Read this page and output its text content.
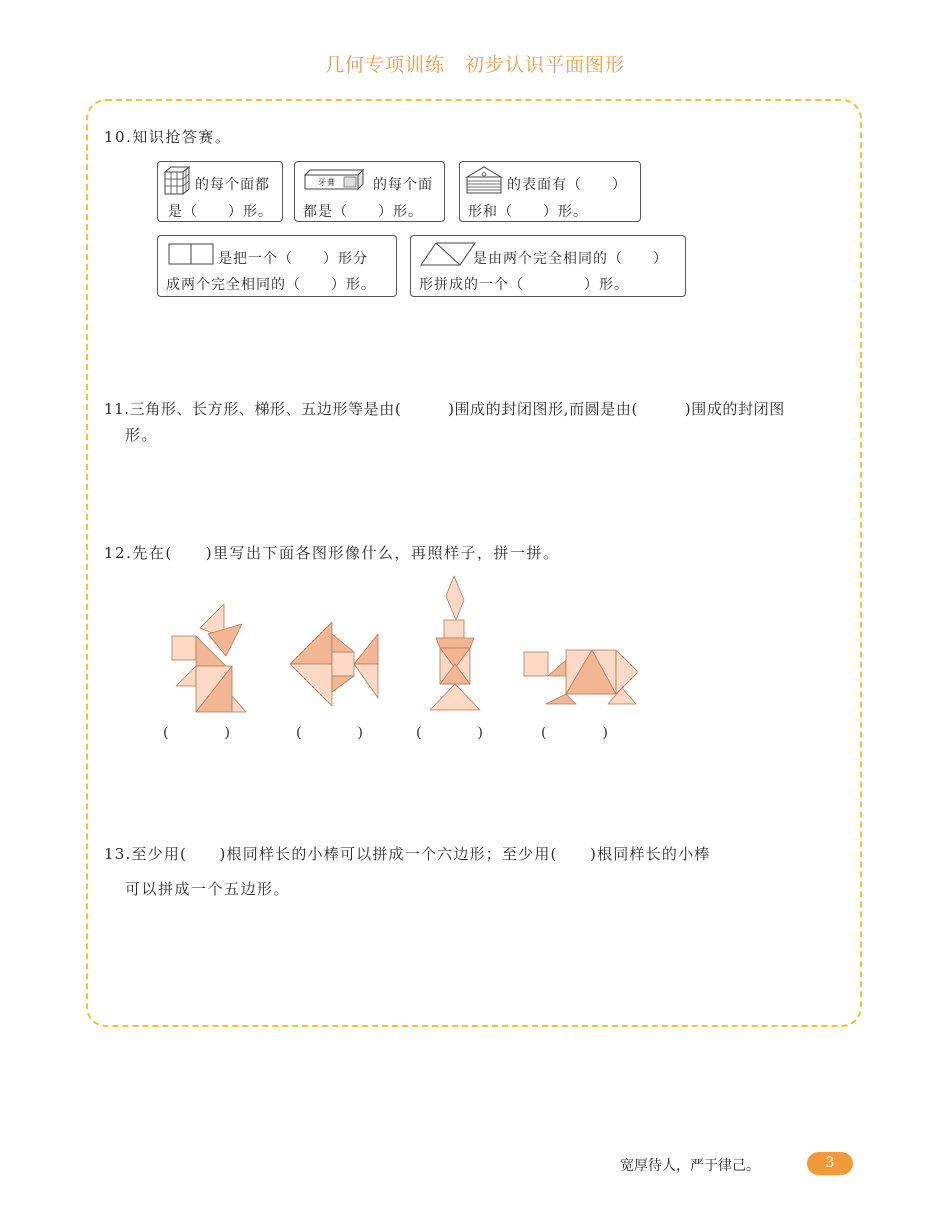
几何专项训练　初步认识平面图形
10.知识抢答赛。
的每个面都
是（　　）形。
牙膏	的每个面
都是（　　）形。
的表面有（　　）
形和（　　）形。
是把一个（　　）形分
成两个完全相同的（　　）形。
是由两个完全相同的（　　）
形拼成的一个（　　　　）形。
11.三角形、长方形、梯形、五边形等是由(　　　)围成的封闭图形,而圆是由(　　　)围成的封闭图
形。
12.先在(　　)里写出下面各图形像什么，再照样子，拼一拼。
(　　　　)	(　　　　)	(　　　　)	(　　　　)
13.至少用(　　)根同样长的小棒可以拼成一个六边形；至少用(　　)根同样长的小棒
可以拼成一个五边形。
宽厚待人，严于律己。	3
